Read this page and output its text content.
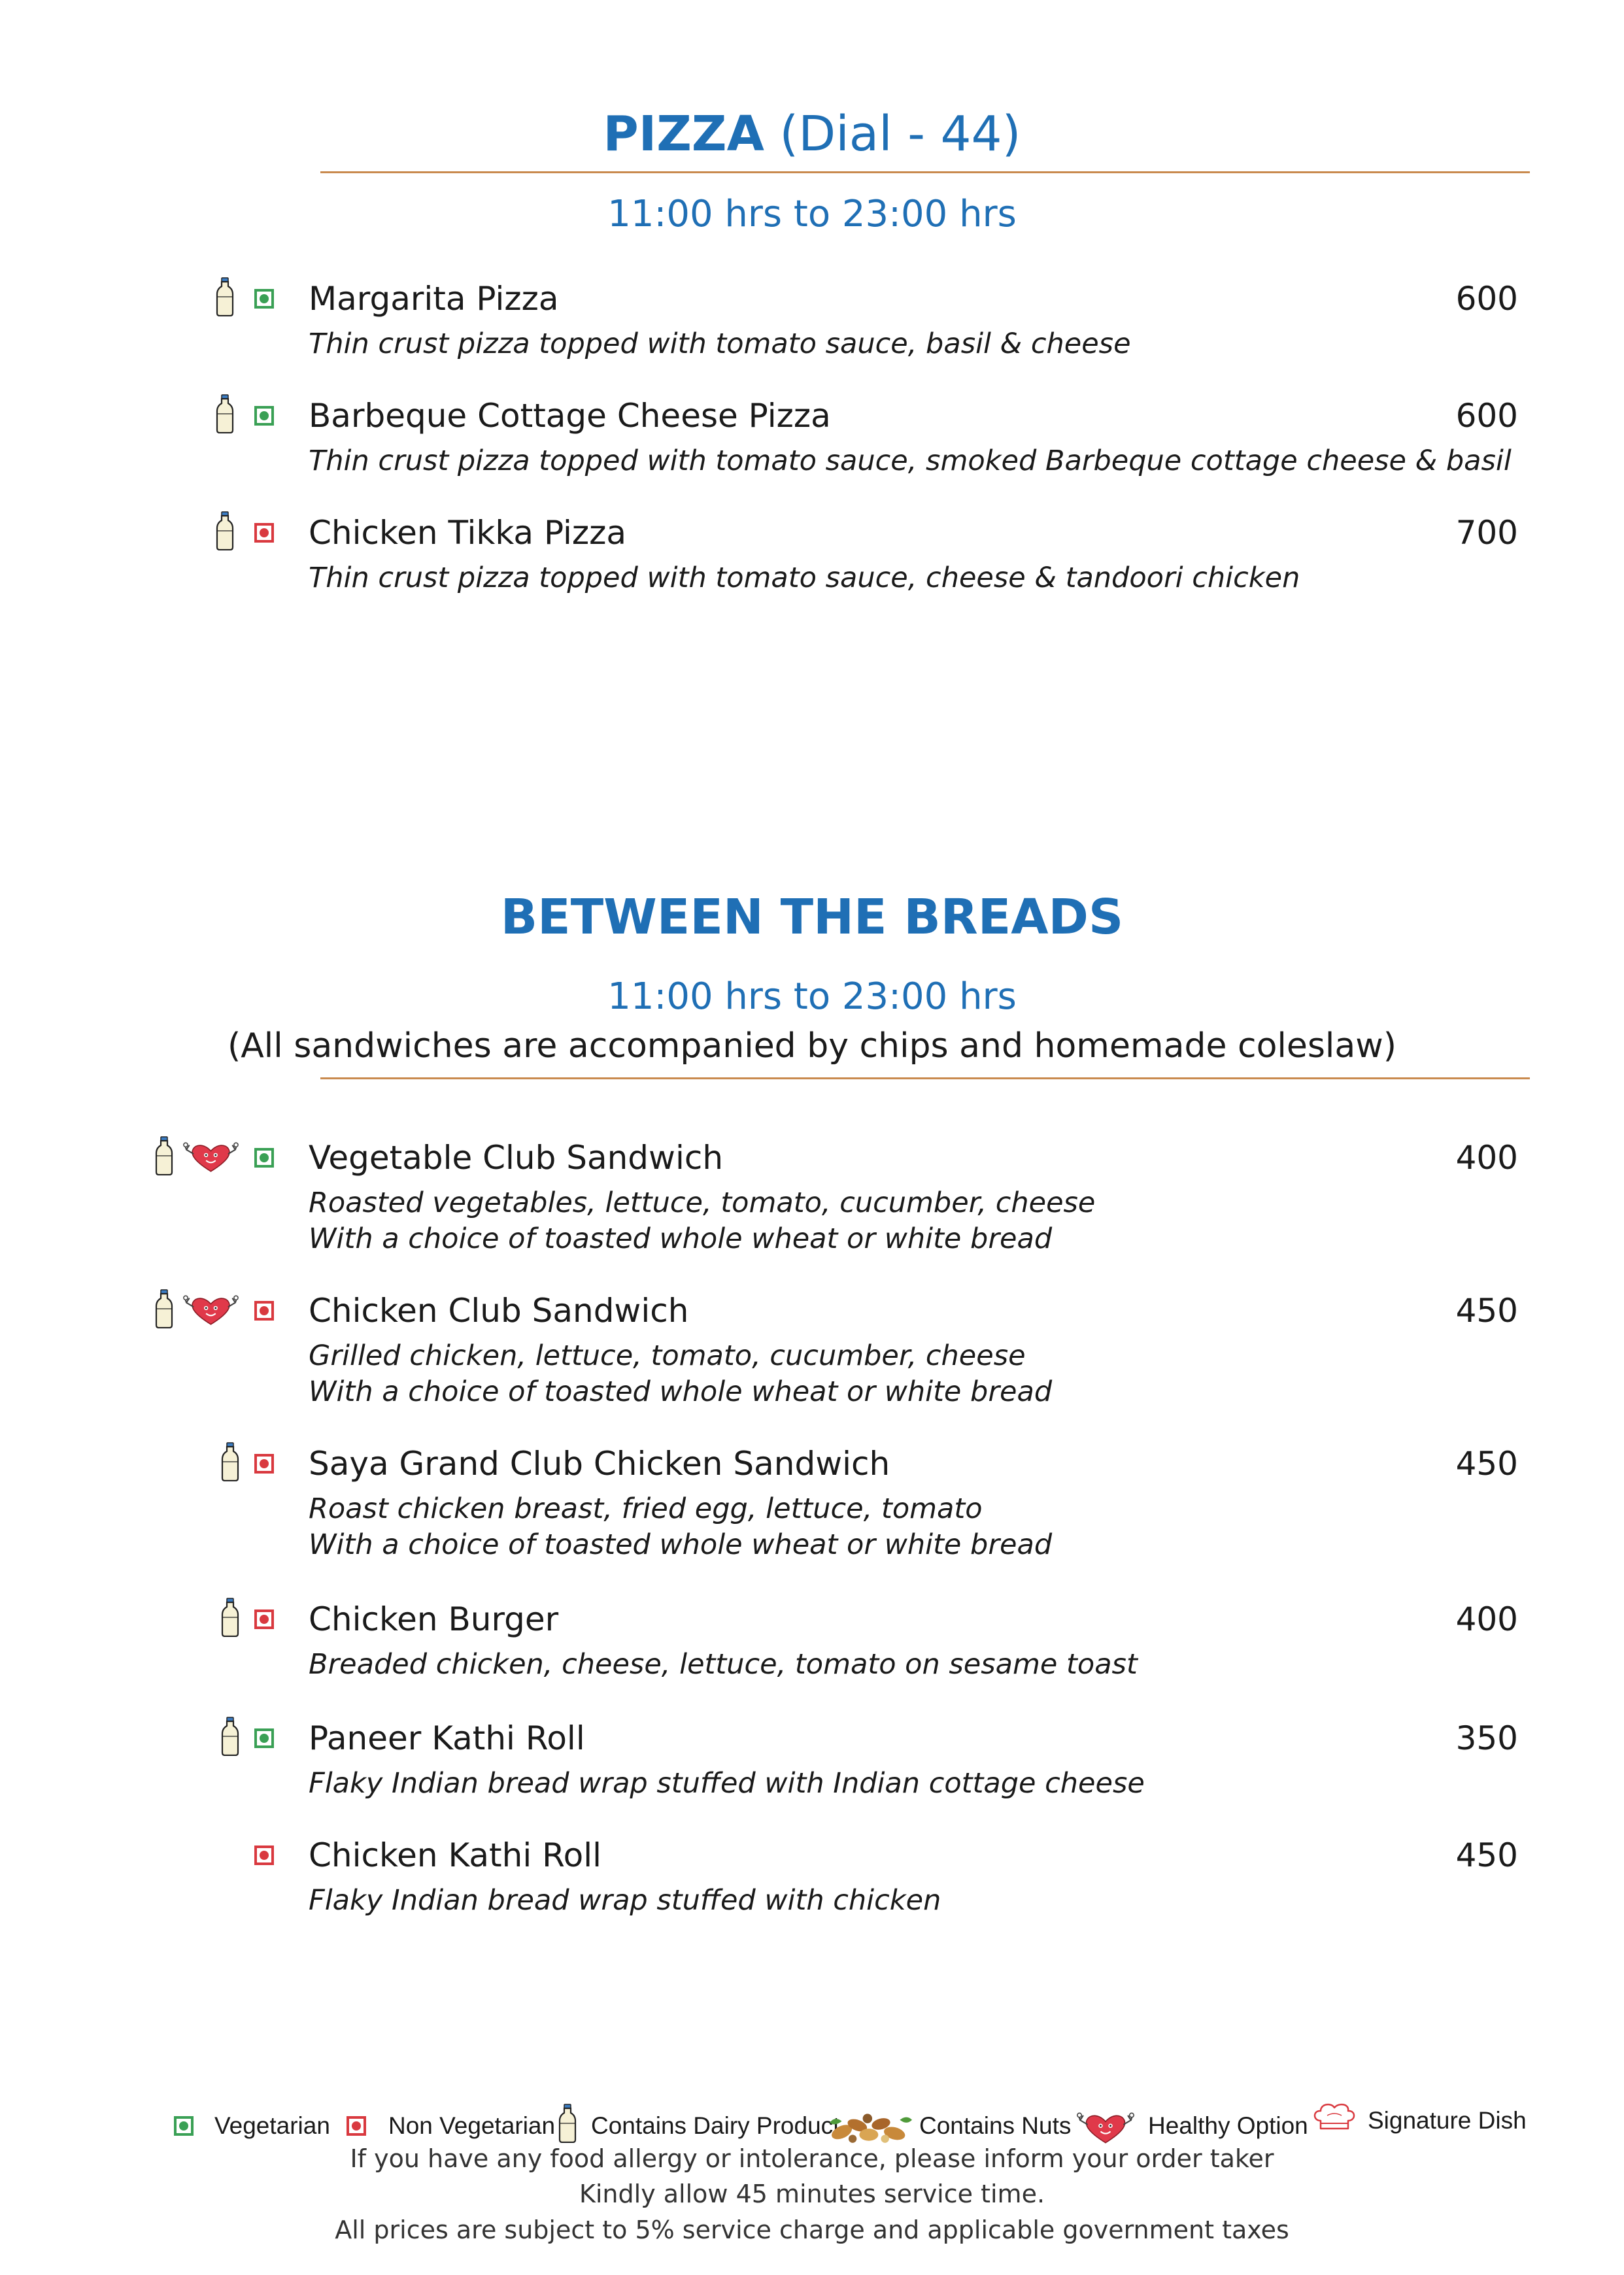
PIZZA (Dial - 44)
11:00 hrs to 23:00 hrs
Margarita Pizza	600
Thin crust pizza topped with tomato sauce, basil & cheese
Barbeque Cottage Cheese Pizza	600
Thin crust pizza topped with tomato sauce, smoked Barbeque cottage cheese & basil
Chicken Tikka Pizza	700
Thin crust pizza topped with tomato sauce, cheese & tandoori chicken
BETWEEN THE BREADS
11:00 hrs to 23:00 hrs
(All sandwiches are accompanied by chips and homemade coleslaw)
Vegetable Club Sandwich	400
Roasted vegetables, lettuce, tomato, cucumber, cheese
With a choice of toasted whole wheat or white bread
Chicken Club Sandwich	450
Grilled chicken, lettuce, tomato, cucumber, cheese
With a choice of toasted whole wheat or white bread
Saya Grand Club Chicken Sandwich	450
Roast chicken breast, fried egg, lettuce, tomato
With a choice of toasted whole wheat or white bread
Chicken Burger	400
Breaded chicken, cheese, lettuce, tomato on sesame toast
Paneer Kathi Roll	350
Flaky Indian bread wrap stuffed with Indian cottage cheese
Chicken Kathi Roll	450
Flaky Indian bread wrap stuffed with chicken
Vegetarian Non Vegetarian Contains Dairy Product	Contains Nuts	Healthy Option Signature Dish
If you have any food allergy or intolerance, please inform your order taker
Kindly allow 45 minutes service time.
All prices are subject to 5% service charge and applicable government taxes
